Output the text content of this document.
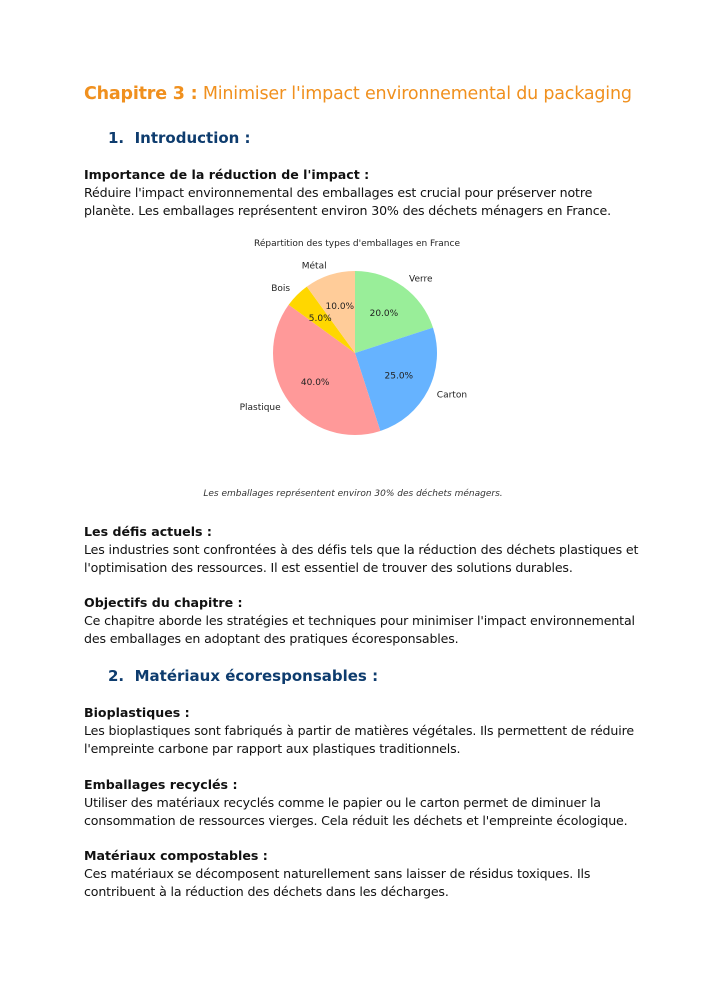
Chapitre 3 : Minimiser l'impact environnemental du packaging
1. Introduction :
Importance de la réduction de l'impact :
Réduire l'impact environnemental des emballages est crucial pour préserver notre
planète. Les emballages représentent environ 30% des déchets ménagers en France.
Répartition des types d'emballages en France
20.0%
Verre
25.0%
Carton
40.0%
Plastique
5.0%
Bois
10.0%
Métal
Les emballages représentent environ 30% des déchets ménagers.
Les défis actuels :
Les industries sont confrontées à des défis tels que la réduction des déchets plastiques et
l'optimisation des ressources. Il est essentiel de trouver des solutions durables.
Objectifs du chapitre :
Ce chapitre aborde les stratégies et techniques pour minimiser l'impact environnemental
des emballages en adoptant des pratiques écoresponsables.
2. Matériaux écoresponsables :
Bioplastiques :
Les bioplastiques sont fabriqués à partir de matières végétales. Ils permettent de réduire
l'empreinte carbone par rapport aux plastiques traditionnels.
Emballages recyclés :
Utiliser des matériaux recyclés comme le papier ou le carton permet de diminuer la
consommation de ressources vierges. Cela réduit les déchets et l'empreinte écologique.
Matériaux compostables :
Ces matériaux se décomposent naturellement sans laisser de résidus toxiques. Ils
contribuent à la réduction des déchets dans les décharges.
